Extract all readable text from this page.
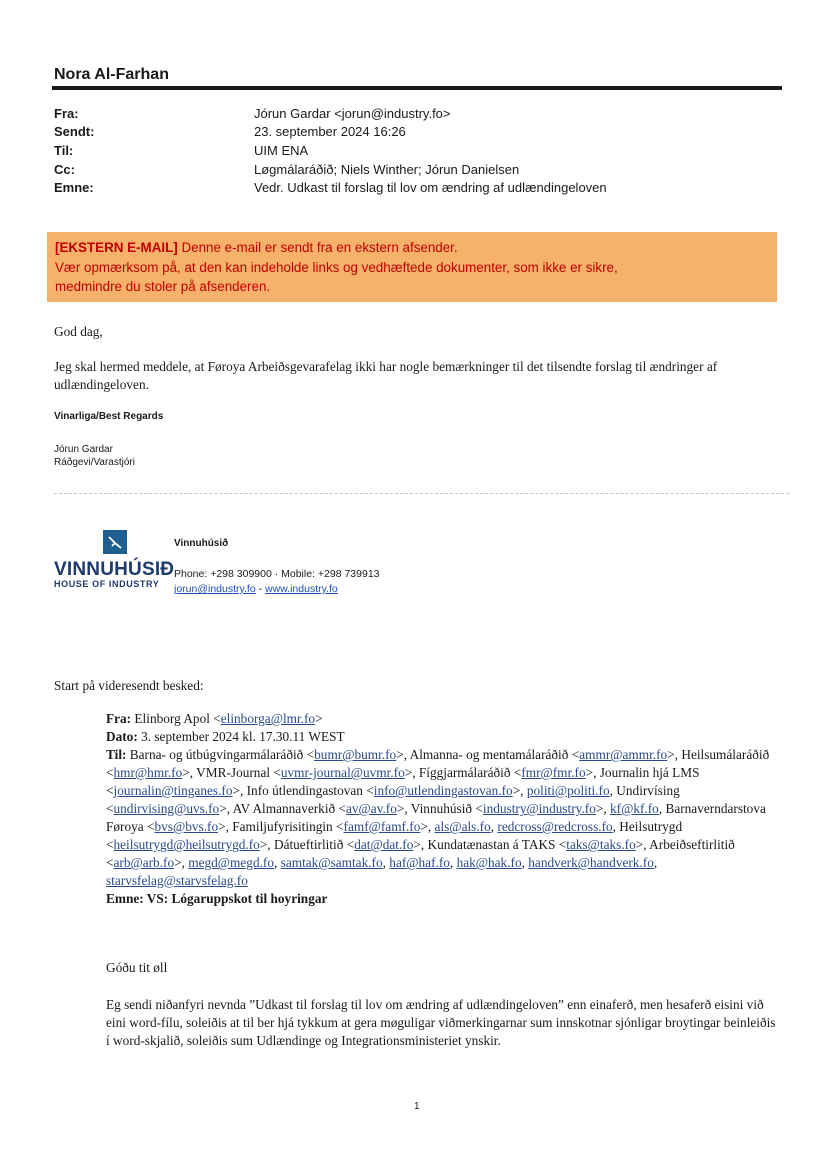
Nora Al-Farhan
Fra:	Jórun Gardar <jorun@industry.fo>
Sendt:	23. september 2024 16:26
Til:	UIM ENA
Cc:	Løgmálaráðið; Niels Winther; Jórun Danielsen
Emne:	Vedr. Udkast til forslag til lov om ændring af udlændingeloven
[EKSTERN E-MAIL] Denne e-mail er sendt fra en ekstern afsender.
Vær opmærksom på, at den kan indeholde links og vedhæftede dokumenter, som ikke er sikre,
medmindre du stoler på afsenderen.
God dag,
Jeg skal hermed meddele, at Føroya Arbeiðsgevarafelag ikki har nogle bemærkninger til det tilsendte forslag til ændringer af udlændingeloven.
Vinarliga/Best Regards
Jórun Gardar
Ráðgevi/Varastjóri
Vinnuhúsið
VINNUHÚSIÐ
HOUSE OF INDUSTRY
Phone: +298 309900 · Mobile: +298 739913
jorun@industry.fo - www.industry.fo
Start på videresendt besked:
Fra: Elinborg Apol <elinborga@lmr.fo>
Dato: 3. september 2024 kl. 17.30.11 WEST
Til: Barna- og útbúgvingarmálaráðið <bumr@bumr.fo>, Almanna- og mentamálaráðið <ammr@ammr.fo>, Heilsumálaráðið <hmr@hmr.fo>, VMR-Journal <uvmr-journal@uvmr.fo>, Fíggjarmálaráðið <fmr@fmr.fo>, Journalin hjá LMS <journalin@tinganes.fo>, Info útlendingastovan <info@utlendingastovan.fo>, politi@politi.fo, Undirvísing <undirvising@uvs.fo>, AV Almannaverkið <av@av.fo>, Vinnuhúsið <industry@industry.fo>, kf@kf.fo, Barnaverndarstova Føroya <bvs@bvs.fo>, Familjufyrisitingin <famf@famf.fo>, als@als.fo, redcross@redcross.fo, Heilsutrygd <heilsutrygd@heilsutrygd.fo>, Dátueftirlitið <dat@dat.fo>, Kundatænastan á TAKS <taks@taks.fo>, Arbeiðseftirlitið <arb@arb.fo>, megd@megd.fo, samtak@samtak.fo, haf@haf.fo, hak@hak.fo, handverk@handverk.fo, starvsfelag@starvsfelag.fo
Emne: VS: Lógaruppskot til hoyringar
Góðu tit øll
Eg sendi niðanfyri nevnda ”Udkast til forslag til lov om ændring af udlændingeloven” enn einaferð, men hesaferð eisini við eini word-fílu, soleiðis at til ber hjá tykkum at gera møguligar viðmerkingarnar sum innskotnar sjónligar broytingar beinleiðis í word-skjalið, soleiðis sum Udlændinge og Integrationsministeriet ynskir.
1
